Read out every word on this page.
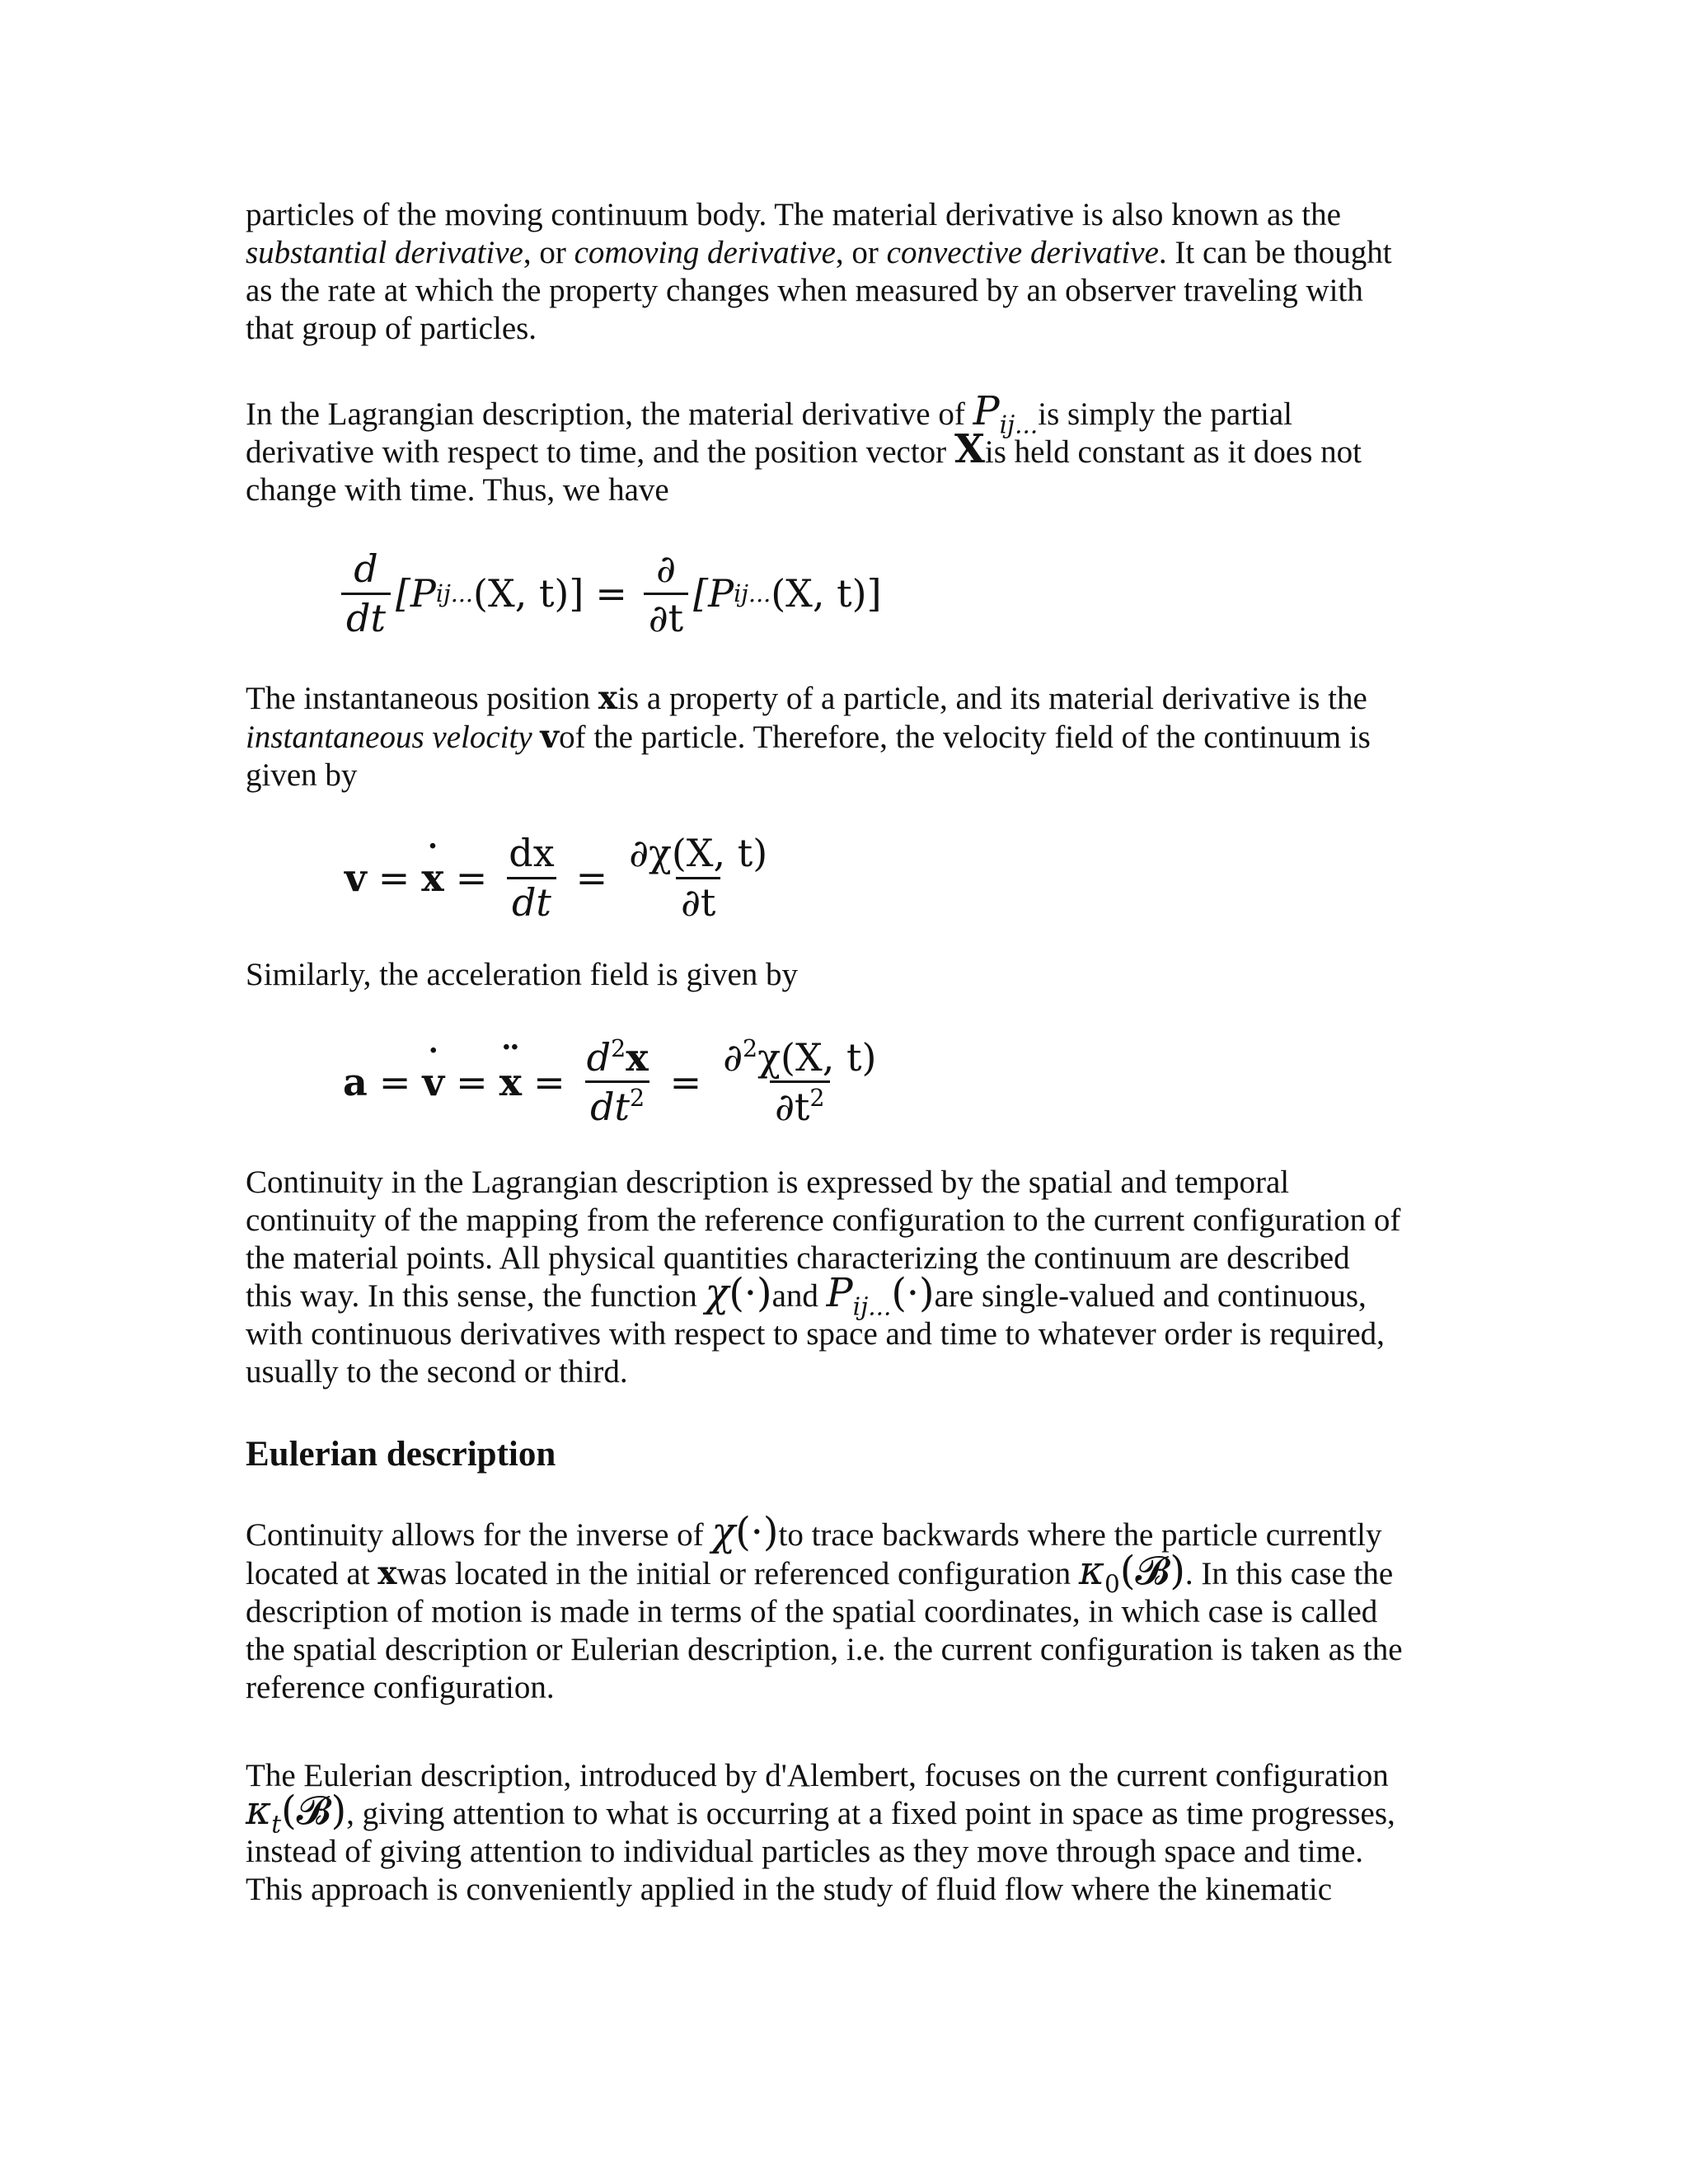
particles of the moving continuum body. The material derivative is also known as the
substantial derivative, or comoving derivative, or convective derivative. It can be thought
as the rate at which the property changes when measured by an observer traveling with
that group of particles.

In the Lagrangian description, the material derivative of $P_{ij...}is$ simply the partial
derivative with respect to time, and the position vector Xis held constant as it does not
change with time. Thus, we have

$\frac{d}{dt} [P$ ij... (X, $t)] = \frac{\partial}{\partial t} [P$ ij... (X, t)]

The instantaneous position xis a property of a particle, and its material derivative is the
instantaneous velocity vof the particle. Therefore, the velocity field of the continuum is
given by

v = x ˙ = $\frac{dx}{dt} = \frac{\partial\chi(X, t)}{\partial t}$

Similarly, the acceleration field is given by

a = v ˙ = x ¨ = $\frac{d^2x}{dt^2} = \frac{\partial^2\chi(X, t)}{\partial t^2}$

Continuity in the Lagrangian description is expressed by the spatial and temporal
continuity of the mapping from the reference configuration to the current configuration of
the material points. All physical quantities characterizing the continuum are described
this way. In this sense, the function χ(·)and $P_{ij...}(\cdot)are$ single-valued and continuous,
with continuous derivatives with respect to space and time to whatever order is required,
usually to the second or third.

Eulerian description

Continuity allows for the inverse of χ(·)to trace backwards where the particle currently
located at xwas located in the initial or referenced configuration $\kappa_0(𝓑)$. In this case the
description of motion is made in terms of the spatial coordinates, in which case is called
the spatial description or Eulerian description, i.e. the current configuration is taken as the
reference configuration.

The Eulerian description, introduced by d'Alembert, focuses on the current configuration
$\kappa_t(𝓑)$, giving attention to what is occurring at a fixed point in space as time progresses,
instead of giving attention to individual particles as they move through space and time.
This approach is conveniently applied in the study of fluid flow where the kinematic
